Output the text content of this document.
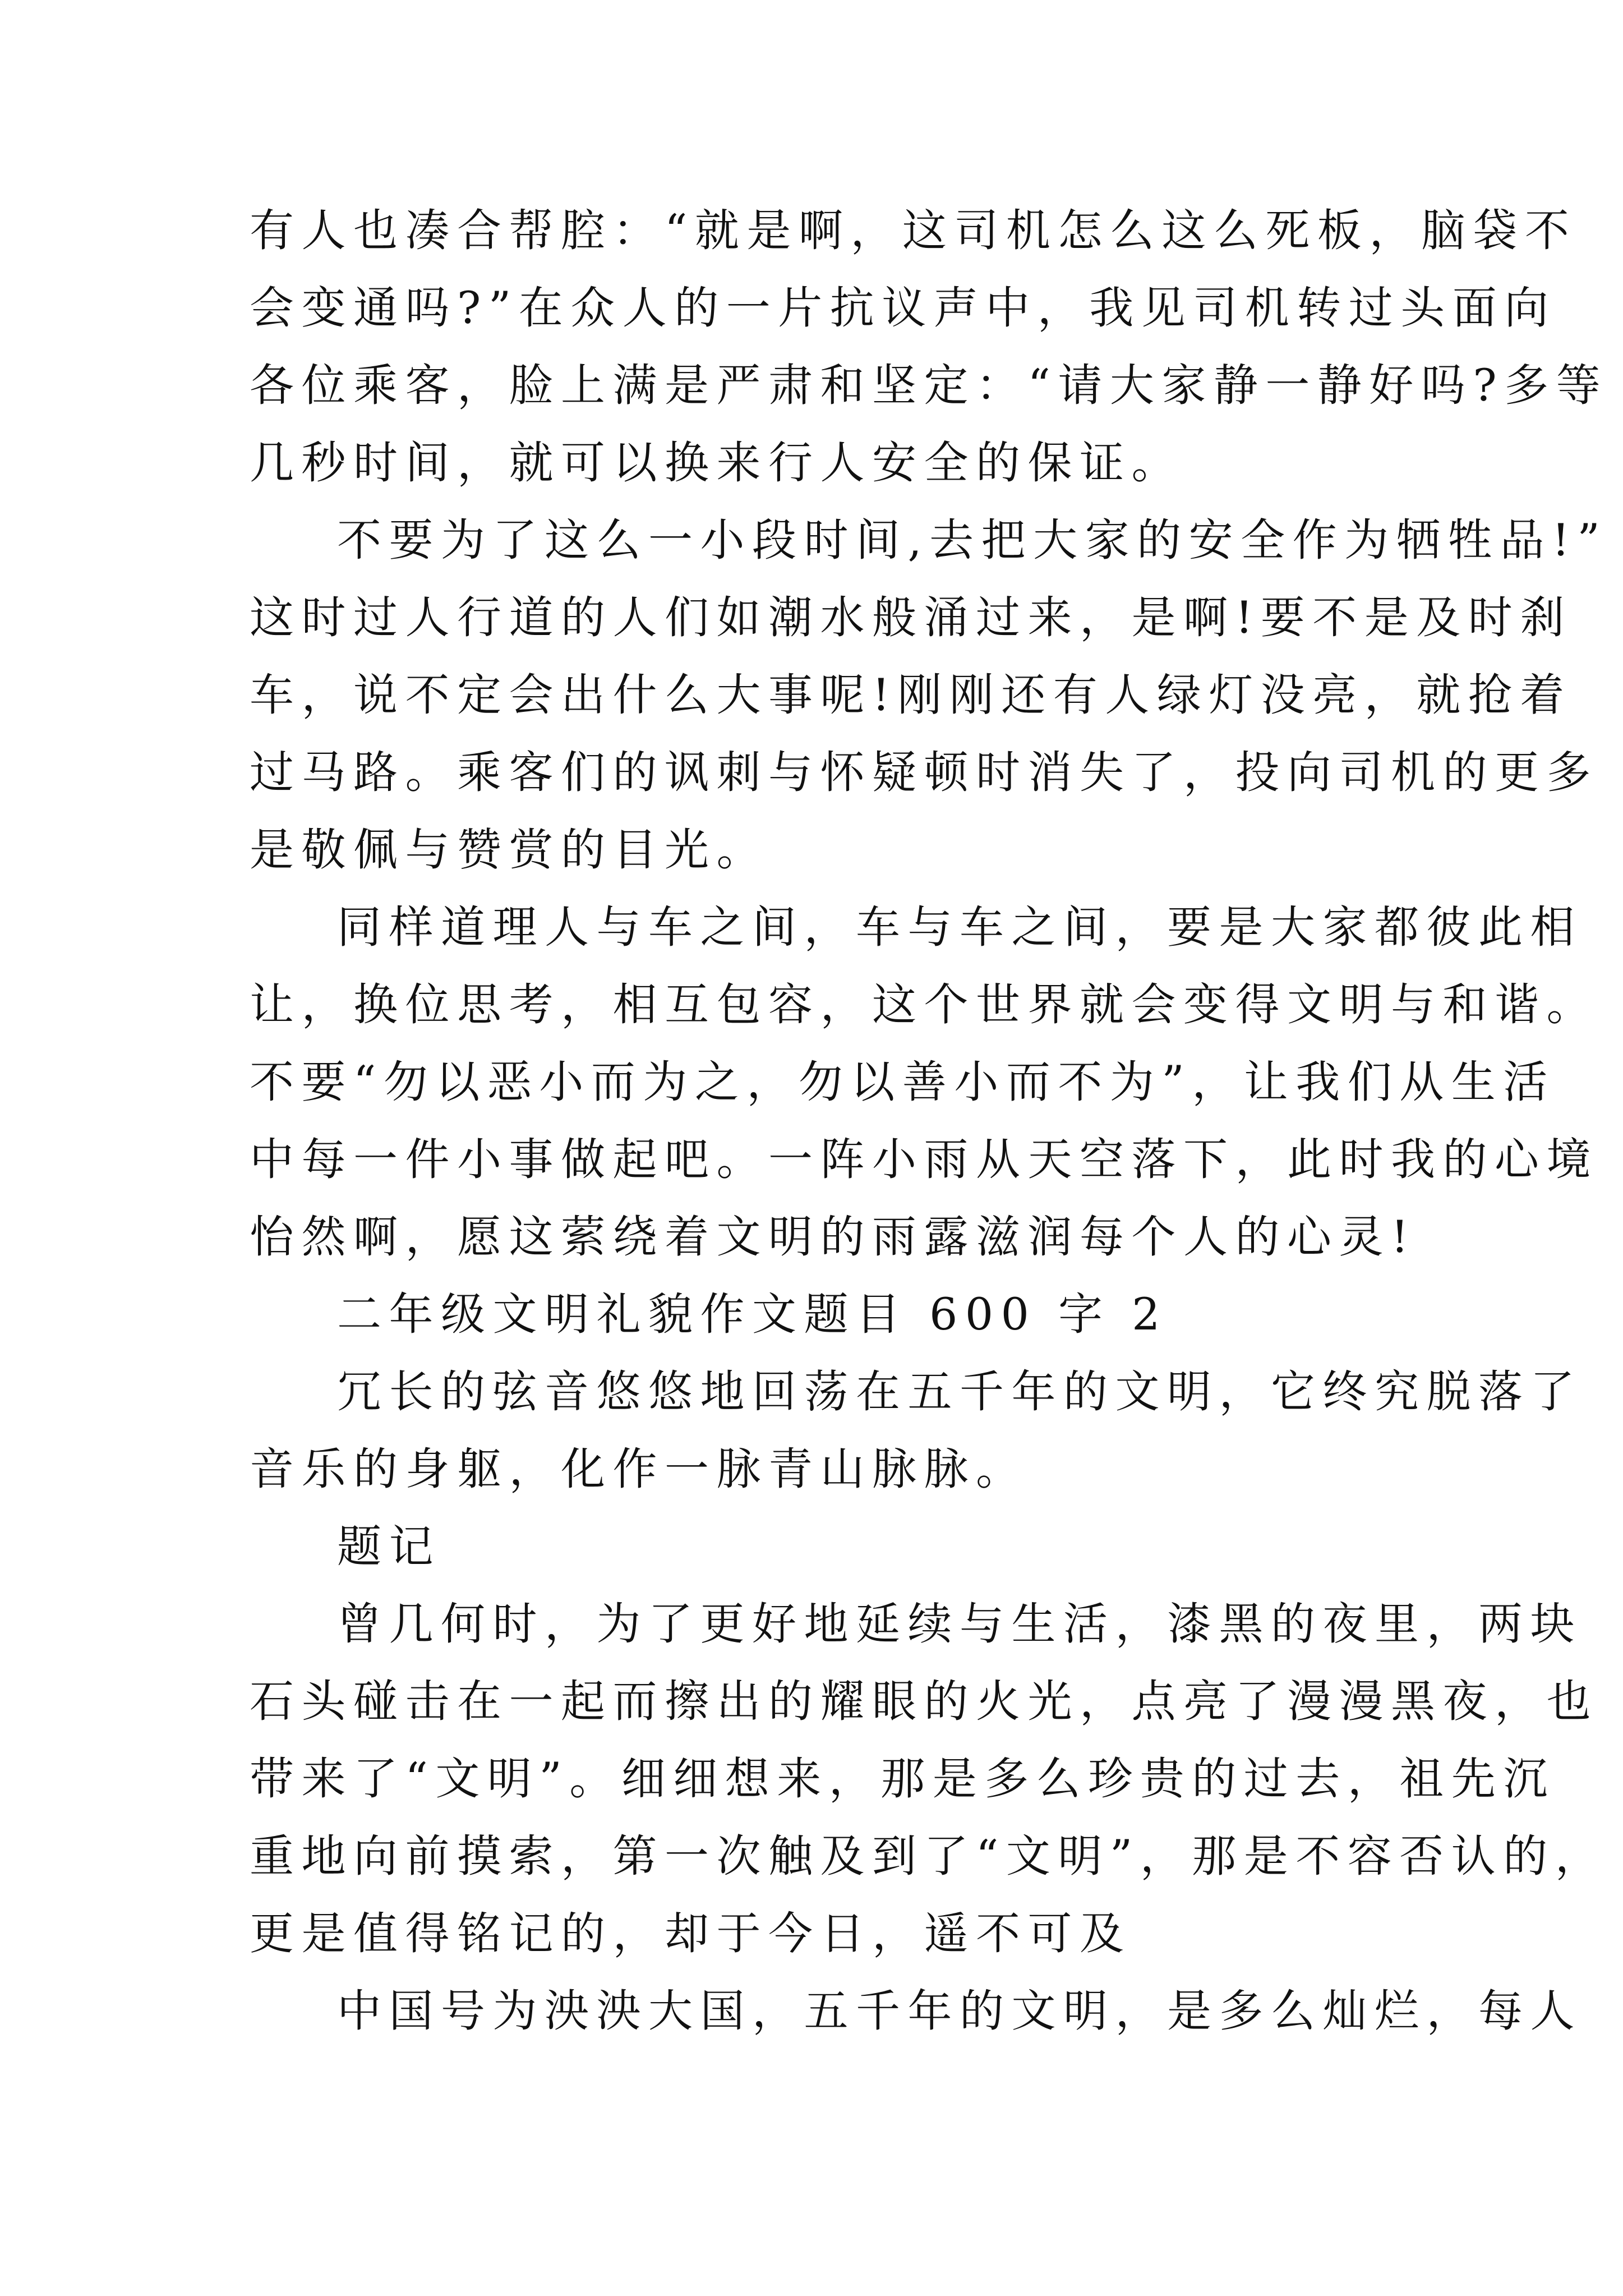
有人也凑合帮腔：“就是啊，这司机怎么这么死板，脑袋不
会变通吗?”在众人的一片抗议声中，我见司机转过头面向
各位乘客，脸上满是严肃和坚定：“请大家静一静好吗?多等
几秒时间，就可以换来行人安全的保证。
不要为了这么一小段时间,去把大家的安全作为牺牲品!”
这时过人行道的人们如潮水般涌过来，是啊!要不是及时刹
车，说不定会出什么大事呢!刚刚还有人绿灯没亮，就抢着
过马路。乘客们的讽刺与怀疑顿时消失了，投向司机的更多
是敬佩与赞赏的目光。
同样道理人与车之间，车与车之间，要是大家都彼此相
让，换位思考，相互包容，这个世界就会变得文明与和谐。
不要“勿以恶小而为之，勿以善小而不为”，让我们从生活
中每一件小事做起吧。一阵小雨从天空落下，此时我的心境
怡然啊，愿这萦绕着文明的雨露滋润每个人的心灵!
二年级文明礼貌作文题目 600 字 2
冗长的弦音悠悠地回荡在五千年的文明，它终究脱落了
音乐的身躯，化作一脉青山脉脉。
题记
曾几何时，为了更好地延续与生活，漆黑的夜里，两块
石头碰击在一起而擦出的耀眼的火光，点亮了漫漫黑夜，也
带来了“文明”。细细想来，那是多么珍贵的过去，祖先沉
重地向前摸索，第一次触及到了“文明”，那是不容否认的，
更是值得铭记的，却于今日，遥不可及
中国号为泱泱大国，五千年的文明，是多么灿烂，每人
